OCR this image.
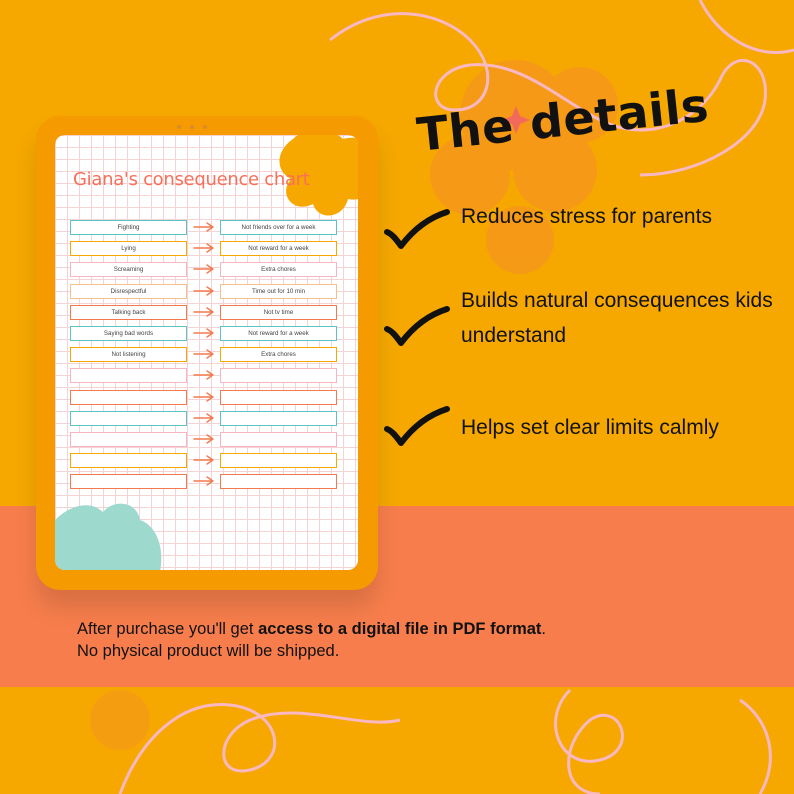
Giana's consequence chart
Fighting	Not friends over for a week
Lying	Not reward for a week
Screaming	Extra chores
Disrespectful	Time out for 10 min
Talking back	Not tv time
Saying bad words	Not reward for a week
Not listening	Extra chores
The details
Reduces stress for parents
Builds natural consequences kids understand
Helps set clear limits calmly
After purchase you'll get access to a digital file in PDF format.
No physical product will be shipped.
